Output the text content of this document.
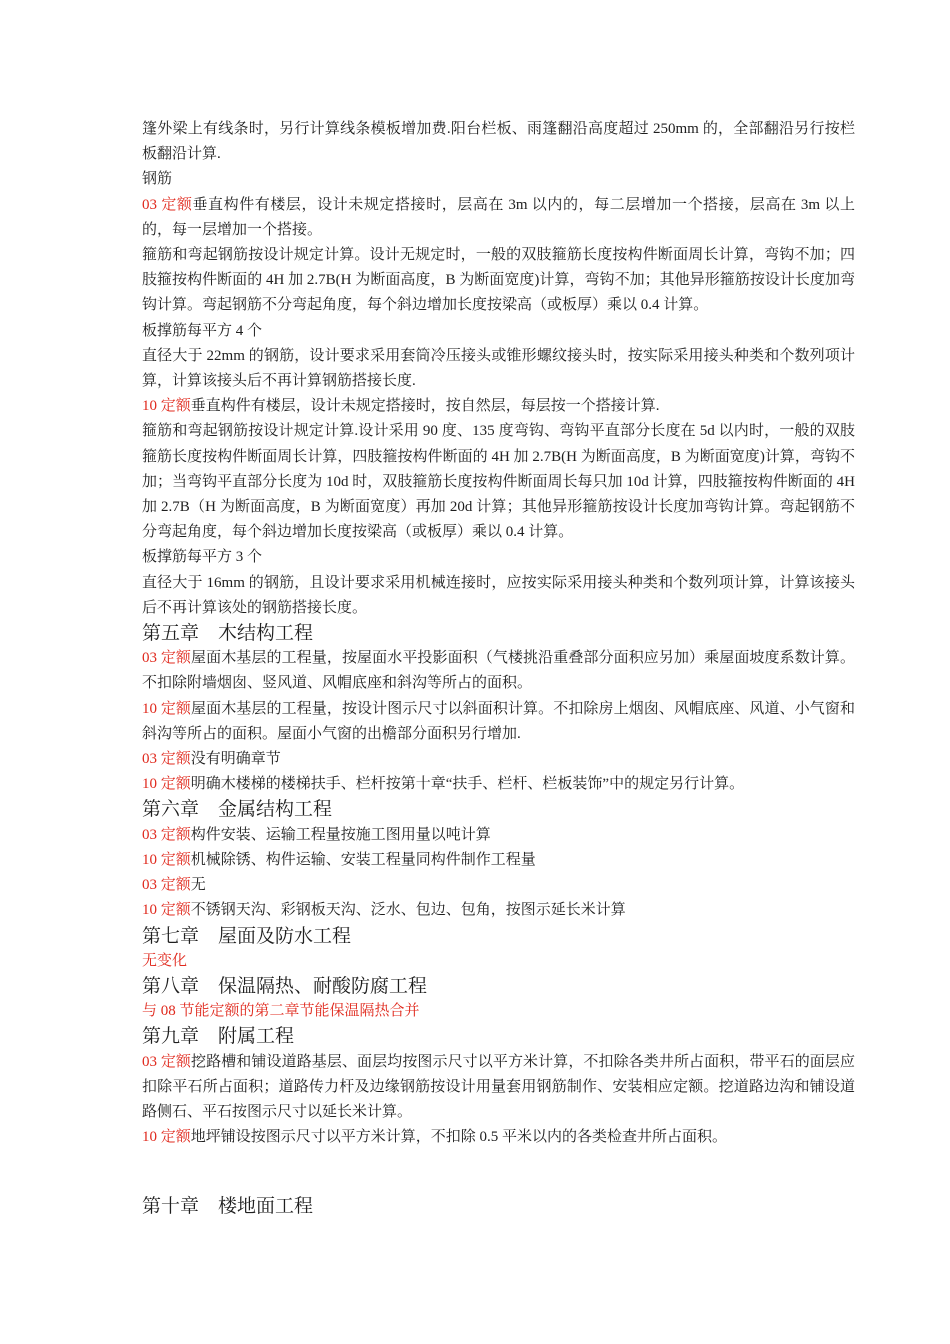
篷外梁上有线条时，另行计算线条模板增加费.阳台栏板、雨篷翻沿高度超过 250mm 的，全部翻沿另行按栏板翻沿计算.

钢筋

03 定额垂直构件有楼层，设计未规定搭接时，层高在 3m 以内的，每二层增加一个搭接，层高在 3m 以上的，每一层增加一个搭接。

箍筋和弯起钢筋按设计规定计算。设计无规定时，一般的双肢箍筋长度按构件断面周长计算，弯钩不加；四肢箍按构件断面的 4H 加 2.7B(H 为断面高度，B 为断面宽度)计算，弯钩不加；其他异形箍筋按设计长度加弯钩计算。弯起钢筋不分弯起角度，每个斜边增加长度按梁高（或板厚）乘以 0.4 计算。

板撑筋每平方 4 个

直径大于 22mm 的钢筋，设计要求采用套筒冷压接头或锥形螺纹接头时，按实际采用接头种类和个数列项计算，计算该接头后不再计算钢筋搭接长度.

10 定额垂直构件有楼层，设计未规定搭接时，按自然层，每层按一个搭接计算.

箍筋和弯起钢筋按设计规定计算.设计采用 90 度、135 度弯钩、弯钩平直部分长度在 5d 以内时，一般的双肢箍筋长度按构件断面周长计算，四肢箍按构件断面的 4H 加 2.7B(H 为断面高度，B 为断面宽度)计算，弯钩不加；当弯钩平直部分长度为 10d 时，双肢箍筋长度按构件断面周长每只加 10d 计算，四肢箍按构件断面的 4H 加 2.7B（H 为断面高度，B 为断面宽度）再加 20d 计算；其他异形箍筋按设计长度加弯钩计算。弯起钢筋不分弯起角度，每个斜边增加长度按梁高（或板厚）乘以 0.4 计算。

板撑筋每平方 3 个

直径大于 16mm 的钢筋，且设计要求采用机械连接时，应按实际采用接头种类和个数列项计算，计算该接头后不再计算该处的钢筋搭接长度。

第五章　木结构工程

03 定额屋面木基层的工程量，按屋面水平投影面积（气楼挑沿重叠部分面积应另加）乘屋面坡度系数计算。不扣除附墙烟囱、竖风道、风帽底座和斜沟等所占的面积。

10 定额屋面木基层的工程量，按设计图示尺寸以斜面积计算。不扣除房上烟囱、风帽底座、风道、小气窗和斜沟等所占的面积。屋面小气窗的出檐部分面积另行增加.

03 定额没有明确章节

10 定额明确木楼梯的楼梯扶手、栏杆按第十章“扶手、栏杆、栏板装饰”中的规定另行计算。

第六章　金属结构工程

03 定额构件安装、运输工程量按施工图用量以吨计算

10 定额机械除锈、构件运输、安装工程量同构件制作工程量

03 定额无

10 定额不锈钢天沟、彩钢板天沟、泛水、包边、包角，按图示延长米计算

第七章　屋面及防水工程

无变化

第八章　保温隔热、耐酸防腐工程

与 08 节能定额的第二章节能保温隔热合并

第九章　附属工程

03 定额挖路槽和铺设道路基层、面层均按图示尺寸以平方米计算，不扣除各类井所占面积，带平石的面层应扣除平石所占面积；道路传力杆及边缘钢筋按设计用量套用钢筋制作、安装相应定额。挖道路边沟和铺设道路侧石、平石按图示尺寸以延长米计算。

10 定额地坪铺设按图示尺寸以平方米计算，不扣除 0.5 平米以内的各类检查井所占面积。

第十章　楼地面工程
